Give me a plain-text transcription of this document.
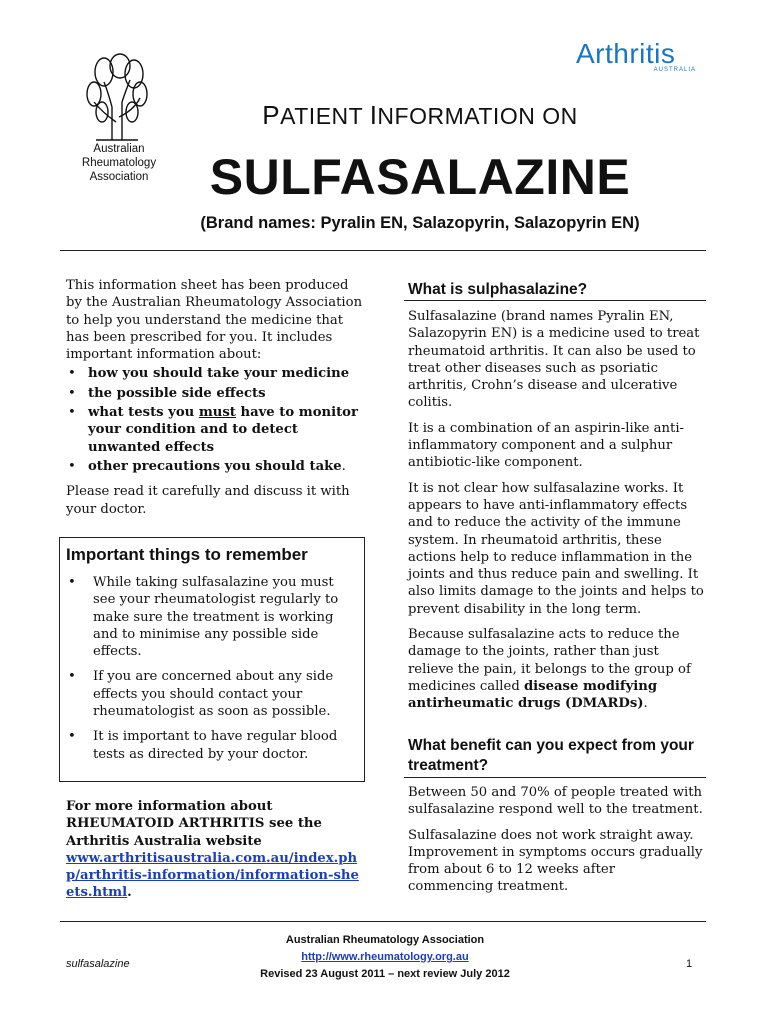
Australian Rheumatology Association
Arthritis
AUSTRALIA
PATIENT INFORMATION ON
SULFASALAZINE
(Brand names: Pyralin EN, Salazopyrin, Salazopyrin EN)

This information sheet has been produced by the Australian Rheumatology Association to help you understand the medicine that has been prescribed for you. It includes important information about:

• how you should take your medicine
• the possible side effects
• what tests you must have to monitor your condition and to detect unwanted effects
• other precautions you should take.

Please read it carefully and discuss it with your doctor.

Important things to remember
• While taking sulfasalazine you must see your rheumatologist regularly to make sure the treatment is working and to minimise any possible side effects.
• If you are concerned about any side effects you should contact your rheumatologist as soon as possible.
• It is important to have regular blood tests as directed by your doctor.
For more information about RHEUMATOID ARTHRITIS see the Arthritis Australia website
www.arthritisaustralia.com.au/index.php/arthritis-information/information-sheets.html.
What is sulphasalazine?

Sulfasalazine (brand names Pyralin EN, Salazopyrin EN) is a medicine used to treat rheumatoid arthritis. It can also be used to treat other diseases such as psoriatic arthritis, Crohn’s disease and ulcerative colitis.

It is a combination of an aspirin-like anti-inflammatory component and a sulphur antibiotic-like component.

It is not clear how sulfasalazine works. It appears to have anti-inflammatory effects and to reduce the activity of the immune system. In rheumatoid arthritis, these actions help to reduce inflammation in the joints and thus reduce pain and swelling. It also limits damage to the joints and helps to prevent disability in the long term.

Because sulfasalazine acts to reduce the damage to the joints, rather than just relieve the pain, it belongs to the group of medicines called disease modifying antirheumatic drugs (DMARDs).

What benefit can you expect from your treatment?

Between 50 and 70% of people treated with sulfasalazine respond well to the treatment.

Sulfasalazine does not work straight away. Improvement in symptoms occurs gradually from about 6 to 12 weeks after commencing treatment.

Australian Rheumatology Association
http://www.rheumatology.org.au
Revised 23 August 2011 – next review July 2012
sulfasalazine	1
